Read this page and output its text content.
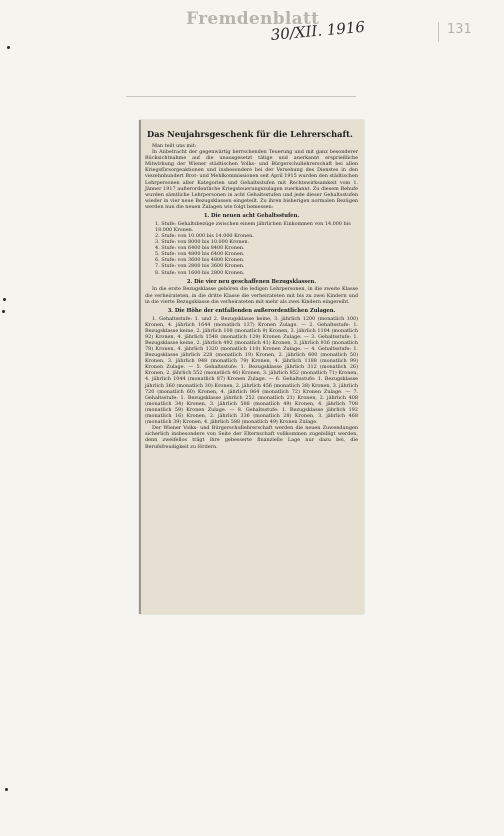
Fremdenblatt
30/XII. 1916	131
Das Neujahrsgeschenk für die Lehrerschaft.

Man teilt uns mit:

In Anbetracht der gegenwärtig herrschenden Teuerung und mit ganz besonderer Rücksichtnahme auf die unausgesetzt tätige und anerkannt ersprießliche Mitwirkung der Wiener städtischen Volks- und Bürgerschullehrerschaft bei allen Kriegsfürsorgeaktionen und insbesondere bei der Versehung des Dienstes in den viezehnhundert Brot- und Mehlkommissionen seit April 1915 wurden den städtischen Lehrpersonen aller Kategorien und Gehaltsstufen mit Rechtswirksamkeit vom 1. Jänner 1917 außerordentliche Kriegsteuerungszulagen zuerkannt. Zu diesem Behufe wurden sämtliche Lehrpersonen in acht Gehaltsstufen und jede dieser Gehaltsstufen wieder in vier neue Bezugsklassen eingeteilt. Zu ihren bisherigen normalen Bezügen werden nun die neuen Zulagen wie folgt bemessen:

1. Die neuen acht Gehaltsstufen.
1. Stufe: Gehaltsbezüge zwischen einem jährlichen Einkommen von 14.000 bis 18.000 Kronen.
2. Stufe: von 10.000 bis 14.000 Kronen.
3. Stufe: von 8000 bis 10.000 Kronen.
4. Stufe: von 6400 bis 8400 Kronen.
5. Stufe: von 4800 bis 6400 Kronen.
6. Stufe: von 3600 bis 4800 Kronen.
7. Stufe: von 2800 bis 3600 Kronen.
8. Stufe: von 1600 bis 2800 Kronen.
2. Die vier neu geschaffenen Bezugsklassen.

In die erste Bezugsklasse gehören die ledigen Lehrpersonen, in die zweite Klasse die verheirateten, in die dritte Klasse die verheirateten mit bis zu zwei Kindern und in die vierte Bezugsklasse die verheirateten mit mehr als zwei Kindern eingereiht.

3. Die Höhe der entfallenden außerordentlichen Zulagen.

1. Gehaltsstufe: 1. und 2. Bezugsklasse keine, 3. jährlich 1200 (monatlich 100) Kronen, 4. jährlich 1644 (monatlich 137) Kronen Zulage. — 2. Gehaltsstufe: 1. Bezugsklasse keine, 2. jährlich 108 (monatlich 9) Kronen, 3. jährlich 1104 (monatlich 92) Kronen, 4. jährlich 1548 (monatlich 129) Kronen Zulage. — 3. Gehaltsstufe: 1. Bezugsklasse keine, 2. jährlich 492 (monatlich 41) Kronen, 3. jährlich 936 (monatlich 78) Kronen, 4. jährlich 1320 (monatlich 110) Kronen Zulage. — 4. Gehaltsstufe: 1. Bezugsklasse jährlich 228 (monatlich 19) Kronen, 2. jährlich 600 (monatlich 50) Kronen, 3. jährlich 948 (monatlich 79) Kronen, 4. jährlich 1188 (monatlich 99) Kronen Zulage. — 5. Gehaltsstufe: 1. Bezugsklasse jährlich 312 (monatlich 26) Kronen, 2. jährlich 552 (monatlich 46) Kronen, 3. jährlich 852 (monatlich 71) Kronen, 4. jährlich 1044 (monatlich 87) Kronen Zulage. — 6. Gehaltsstufe: 1. Bezugsklasse jährlich 360 (monatlich 30) Kronen, 2. jährlich 456 (monatlich 38) Kronen, 3. jährlich 720 (monatlich 60) Kronen, 4. jährlich 864 (monatlich 72) Kronen Zulage. — 7. Gehaltsstufe: 1. Bezugsklasse jährlich 252 (monatlich 21) Kronen, 2. jährlich 408 (monatlich 34) Kronen, 3. jährlich 588 (monatlich 49) Kronen, 4. jährlich 708 (monatlich 59) Kronen Zulage. — 8. Gehaltsstufe: 1. Bezugsklasse jährlich 192 (monatlich 16) Kronen, 2. jährlich 336 (monatlich 28) Kronen, 3. jährlich 468 (monatlich 39) Kronen, 4. jährlich 588 (monatlich 49) Kronen Zulage.

Der Wiener Volks- und Bürgerschullehrerschaft werden die neuen Zuwendungen sicherlich insbesondere von Seite der Elternschaft vollkommen zugebilligt werden, denn zweifellos trägt ihre gebesserte finanzielle Lage nur dazu bei, die Berufsfreudigkeit zu fördern.
